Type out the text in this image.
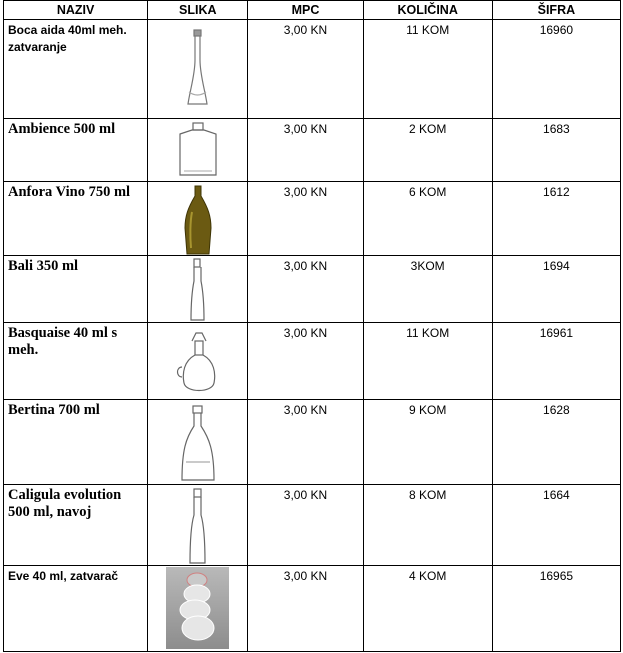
NAZIV	SLIKA	MPC	KOLIČINA	ŠIFRA

Boca aida 40ml meh. zatvaranje		3,00 KN	11 KOM	16960

Ambience 500 ml		3,00 KN	2 KOM	1683

Anfora Vino 750 ml		3,00 KN	6 KOM	1612

Bali 350 ml		3,00 KN	3KOM	1694

Basquaise 40 ml s meh.		3,00 KN	11 KOM	16961

Bertina 700 ml		3,00 KN	9 KOM	1628

Caligula evolution 500 ml, navoj		3,00 KN	8 KOM	1664

Eve 40 ml, zatvarač		3,00 KN	4 KOM	16965
